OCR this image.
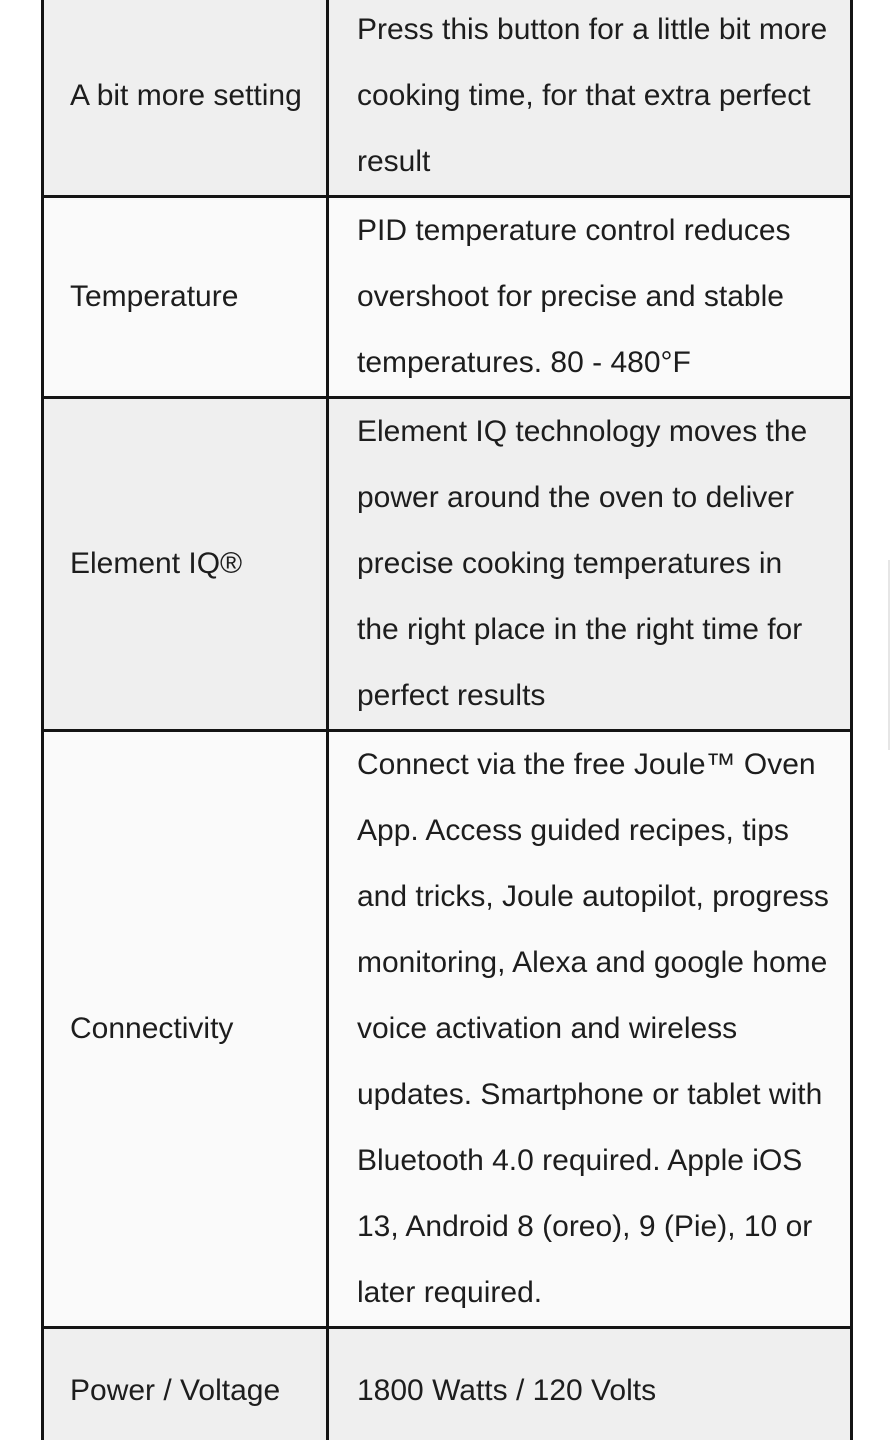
A bit more setting	Press this button for a little bit more cooking time, for that extra perfect result
Temperature	PID temperature control reduces overshoot for precise and stable temperatures. 80 - 480°F
Element IQ®	Element IQ technology moves the power around the oven to deliver precise cooking temperatures in the right place in the right time for perfect results
Connectivity	Connect via the free Joule™ Oven App. Access guided recipes, tips and tricks, Joule autopilot, progress monitoring, Alexa and google home voice activation and wireless updates. Smartphone or tablet with Bluetooth 4.0 required. Apple iOS 13, Android 8 (oreo), 9 (Pie), 10 or later required.
Power / Voltage	1800 Watts / 120 Volts
